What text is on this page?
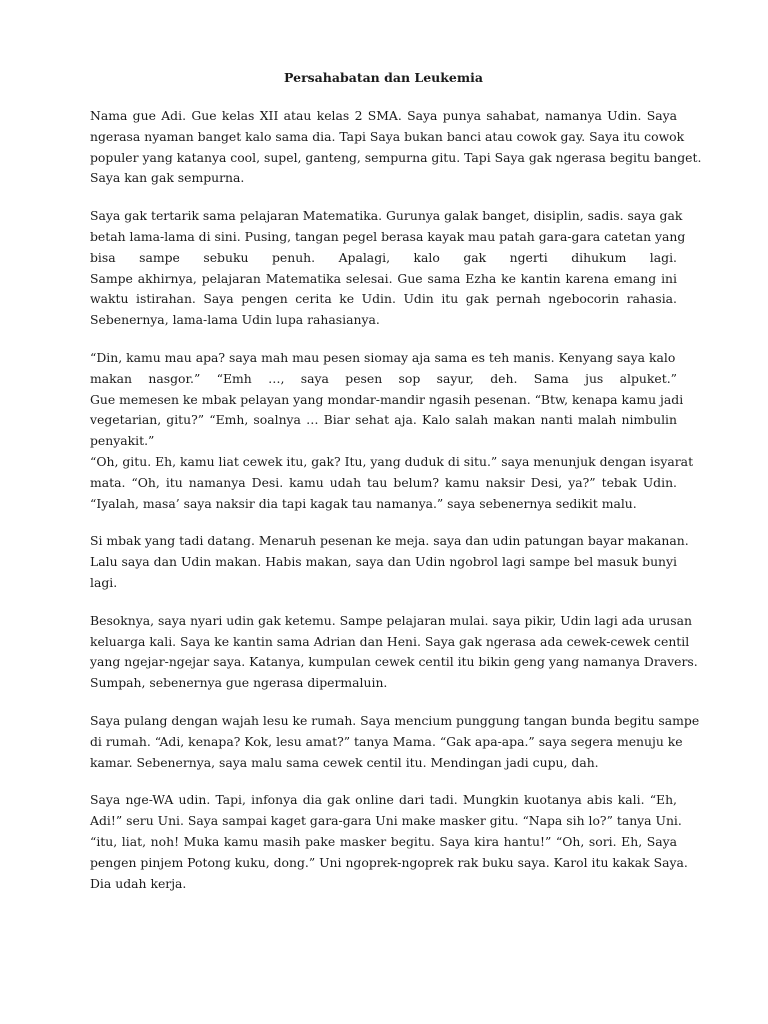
Persahabatan dan Leukemia
Nama gue Adi. Gue kelas XII atau kelas 2 SMA. Saya punya sahabat, namanya Udin. Saya
ngerasa nyaman banget kalo sama dia. Tapi Saya bukan banci atau cowok gay. Saya itu cowok
populer yang katanya cool, supel, ganteng, sempurna gitu. Tapi Saya gak ngerasa begitu banget.
Saya kan gak sempurna.
Saya gak tertarik sama pelajaran Matematika. Gurunya galak banget, disiplin, sadis. saya gak
betah lama-lama di sini. Pusing, tangan pegel berasa kayak mau patah gara-gara catetan yang
bisa sampe sebuku penuh. Apalagi, kalo gak ngerti dihukum lagi.
Sampe akhirnya, pelajaran Matematika selesai. Gue sama Ezha ke kantin karena emang ini
waktu istirahan. Saya pengen cerita ke Udin. Udin itu gak pernah ngebocorin rahasia.
Sebenernya, lama-lama Udin lupa rahasianya.
“Din, kamu mau apa? saya mah mau pesen siomay aja sama es teh manis. Kenyang saya kalo
makan nasgor.” “Emh …, saya pesen sop sayur, deh. Sama jus alpuket.”
Gue memesen ke mbak pelayan yang mondar-mandir ngasih pesenan. “Btw, kenapa kamu jadi
vegetarian, gitu?” “Emh, soalnya … Biar sehat aja. Kalo salah makan nanti malah nimbulin
penyakit.”
“Oh, gitu. Eh, kamu liat cewek itu, gak? Itu, yang duduk di situ.” saya menunjuk dengan isyarat
mata. “Oh, itu namanya Desi. kamu udah tau belum? kamu naksir Desi, ya?” tebak Udin.
“Iyalah, masa’ saya naksir dia tapi kagak tau namanya.” saya sebenernya sedikit malu.
Si mbak yang tadi datang. Menaruh pesenan ke meja. saya dan udin patungan bayar makanan.
Lalu saya dan Udin makan. Habis makan, saya dan Udin ngobrol lagi sampe bel masuk bunyi
lagi.
Besoknya, saya nyari udin gak ketemu. Sampe pelajaran mulai. saya pikir, Udin lagi ada urusan
keluarga kali. Saya ke kantin sama Adrian dan Heni. Saya gak ngerasa ada cewek-cewek centil
yang ngejar-ngejar saya. Katanya, kumpulan cewek centil itu bikin geng yang namanya Dravers.
Sumpah, sebenernya gue ngerasa dipermaluin.
Saya pulang dengan wajah lesu ke rumah. Saya mencium punggung tangan bunda begitu sampe
di rumah. “Adi, kenapa? Kok, lesu amat?” tanya Mama. “Gak apa-apa.” saya segera menuju ke
kamar. Sebenernya, saya malu sama cewek centil itu. Mendingan jadi cupu, dah.
Saya nge-WA udin. Tapi, infonya dia gak online dari tadi. Mungkin kuotanya abis kali. “Eh,
Adi!” seru Uni. Saya sampai kaget gara-gara Uni make masker gitu. “Napa sih lo?” tanya Uni.
“itu, liat, noh! Muka kamu masih pake masker begitu. Saya kira hantu!” “Oh, sori. Eh, Saya
pengen pinjem Potong kuku, dong.” Uni ngoprek-ngoprek rak buku saya. Karol itu kakak Saya.
Dia udah kerja.
